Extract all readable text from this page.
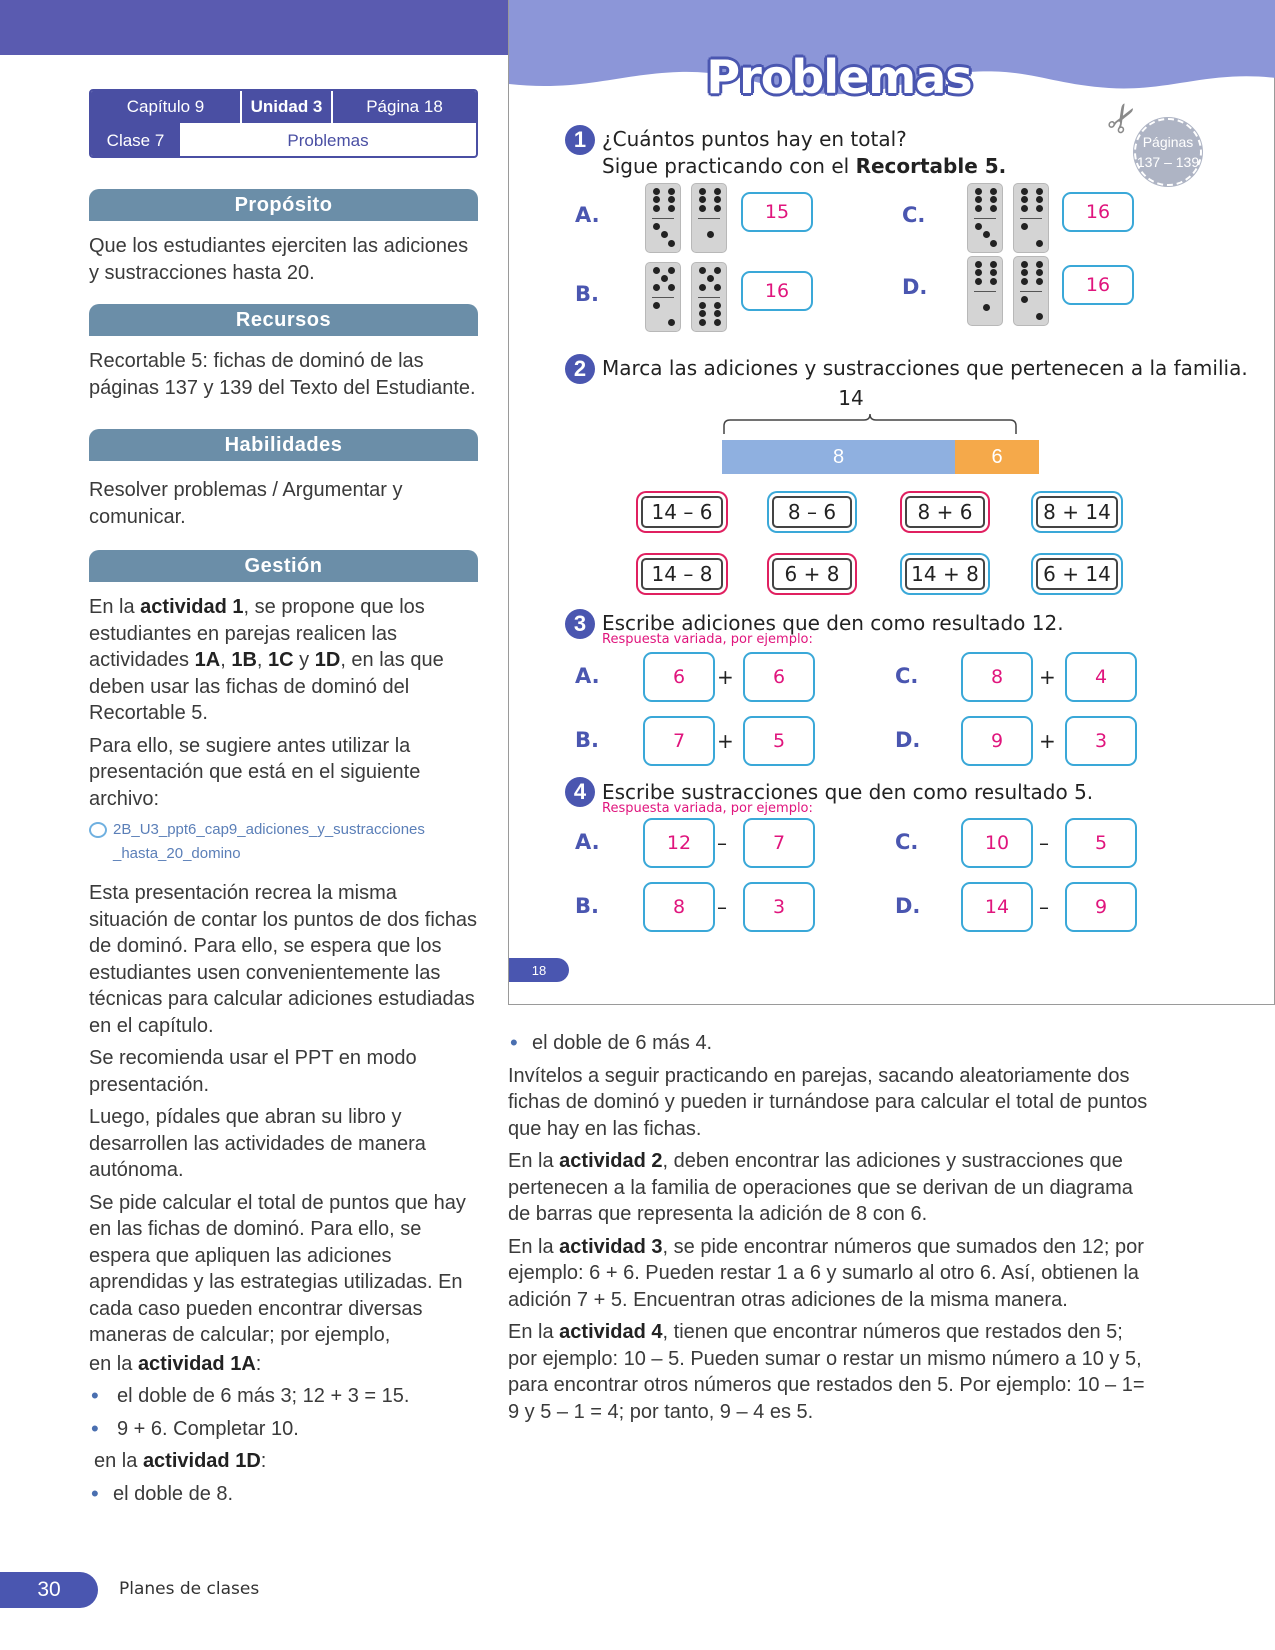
Capítulo 9	Unidad 3	Página 18
Clase 7	Problemas
Propósito
Que los estudiantes ejerciten las adiciones y sustracciones hasta 20.
Recursos
Recortable 5: fichas de dominó de las páginas 137 y 139 del Texto del Estudiante.
Habilidades
Resolver problemas / Argumentar y comunicar.
Gestión

En la actividad 1, se propone que los estudiantes en parejas realicen las actividades 1A, 1B, 1C y 1D, en las que deben usar las fichas de dominó del Recortable 5.

Para ello, se sugiere antes utilizar la presentación que está en el siguiente archivo:

2B_U3_ppt6_cap9_adiciones_y_sustracciones
_hasta_20_domino

Esta presentación recrea la misma situación de contar los puntos de dos fichas de dominó. Para ello, se espera que los estudiantes usen convenientemente las técnicas para calcular adiciones estudiadas en el capítulo.

Se recomienda usar el PPT en modo presentación.

Luego, pídales que abran su libro y desarrollen las actividades de manera autónoma.

Se pide calcular el total de puntos que hay en las fichas de dominó. Para ello, se espera que apliquen las adiciones aprendidas y las estrategias utilizadas. En cada caso pueden encontrar diversas maneras de calcular; por ejemplo,

en la actividad 1A:

• el doble de 6 más 3; 12 + 3 = 15.

• 9 + 6. Completar 10.

en la actividad 1D:

• el doble de 8.

Problemas
Páginas
137 – 139
✂
1 ¿Cuántos puntos hay en total?
Sigue practicando con el Recortable 5.
2 Marca las adiciones y sustracciones que pertenecen a la familia.
14
8	6
3 Escribe adiciones que den como resultado 12.
Respuesta variada, por ejemplo:
4 Escribe sustracciones que den como resultado 5.
Respuesta variada, por ejemplo:
18
A.	15
B.	16
C.	16
D.	16
14 – 6	8 – 6	8 + 6	8 + 14
14 – 8	6 + 8	14 + 8	6 + 14
A.	6	+	6
B.	7	+	5
C.	8	+	4
D.	9	+	3
A.	12	–	7
B.	8	–	3
C.	10	–	5
D.	14	–	9

• el doble de 6 más 4.

Invítelos a seguir practicando en parejas, sacando aleatoriamente dos fichas de dominó y pueden ir turnándose para calcular el total de puntos que hay en las fichas.

En la actividad 2, deben encontrar las adiciones y sustracciones que pertenecen a la familia de operaciones que se derivan de un diagrama de barras que representa la adición de 8 con 6.

En la actividad 3, se pide encontrar números que sumados den 12; por ejemplo: 6 + 6. Pueden restar 1 a 6 y sumarlo al otro 6. Así, obtienen la adición 7 + 5. Encuentran otras adiciones de la misma manera.

En la actividad 4, tienen que encontrar números que restados den 5; por ejemplo: 10 – 5. Pueden sumar o restar un mismo número a 10 y 5, para encontrar otros números que restados den 5. Por ejemplo: 10 – 1= 9 y 5 – 1 = 4; por tanto, 9 – 4 es 5.

30	Planes de clases
